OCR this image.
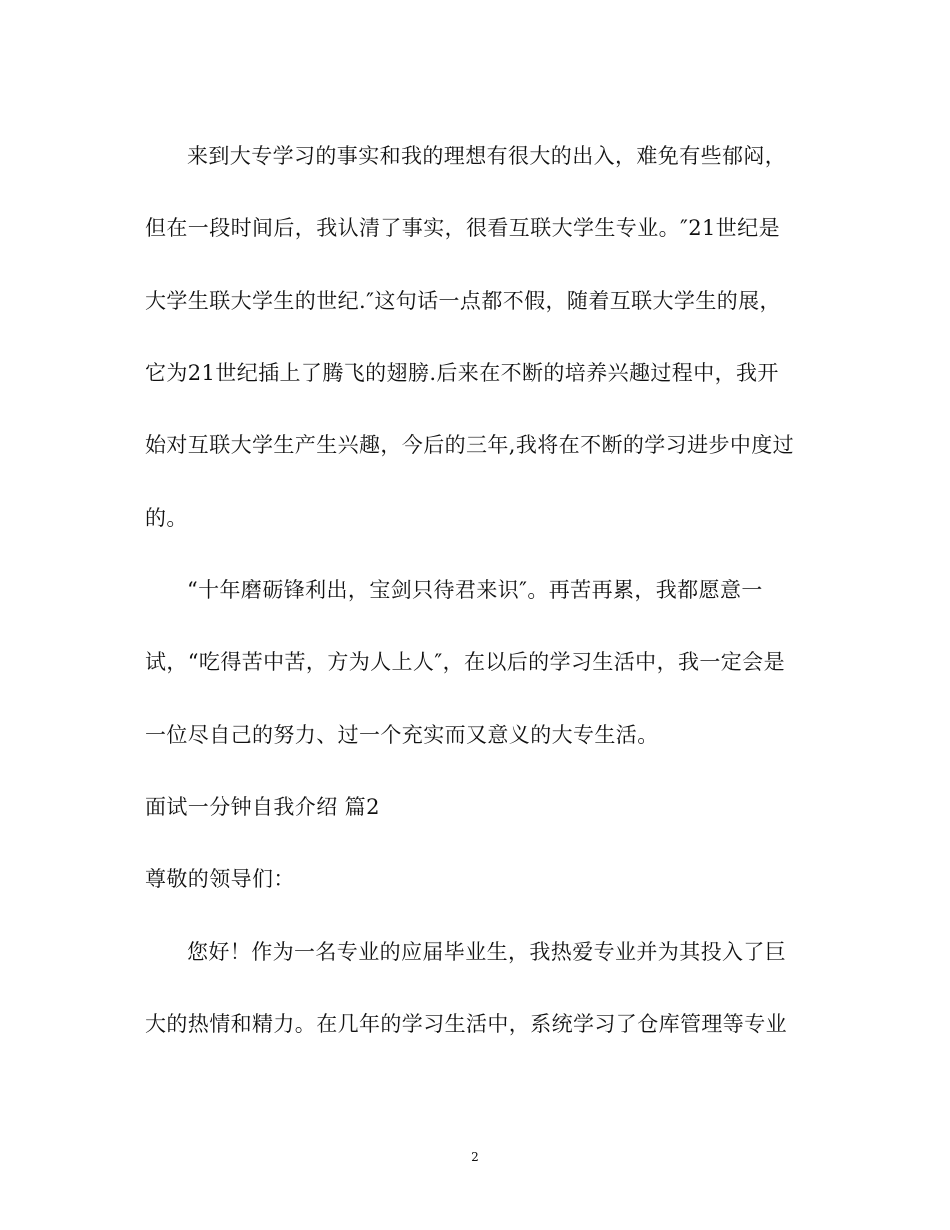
来到大专学习的事实和我的理想有很大的出入，难免有些郁闷，
但在一段时间后，我认清了事实，很看互联大学生专业。″21世纪是
大学生联大学生的世纪.″这句话一点都不假，随着互联大学生的展，
它为21世纪插上了腾飞的翅膀.后来在不断的培养兴趣过程中，我开
始对互联大学生产生兴趣，今后的三年,我将在不断的学习进步中度过
的。
“十年磨砺锋利出，宝剑只待君来识″。再苦再累，我都愿意一
试，“吃得苦中苦，方为人上人″，在以后的学习生活中，我一定会是
一位尽自己的努力、过一个充实而又意义的大专生活。
面试一分钟自我介绍 篇2
尊敬的领导们：
您好！作为一名专业的应届毕业生，我热爱专业并为其投入了巨
大的热情和精力。在几年的学习生活中，系统学习了仓库管理等专业
2
